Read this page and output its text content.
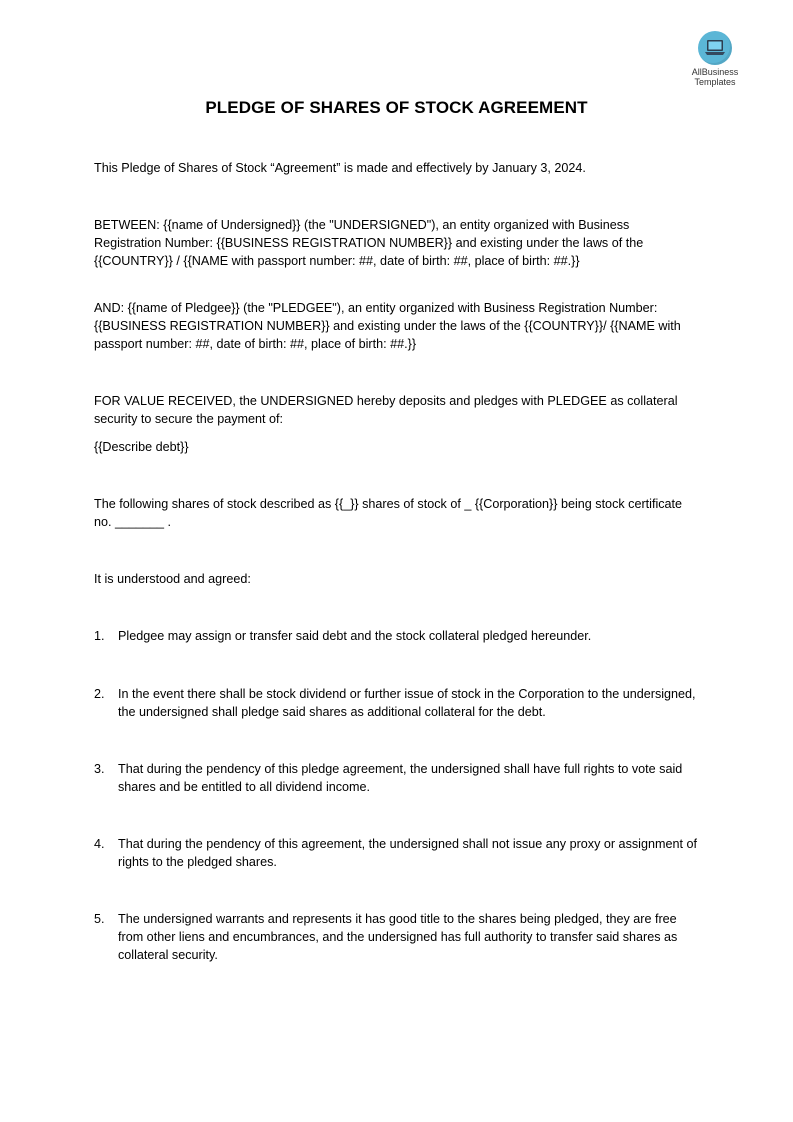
AllBusiness
Templates
PLEDGE OF SHARES OF STOCK AGREEMENT

This Pledge of Shares of Stock “Agreement” is made and effectively by January 3, 2024.

BETWEEN: {{name of Undersigned}} (the "UNDERSIGNED"), an entity organized with Business Registration Number: {{BUSINESS REGISTRATION NUMBER}} and existing under the laws of the {{COUNTRY}} / {{NAME with passport number: ##, date of birth: ##, place of birth: ##.}}

AND: {{name of Pledgee}} (the "PLEDGEE"), an entity organized with Business Registration Number: {{BUSINESS REGISTRATION NUMBER}} and existing under the laws of the {{COUNTRY}}/ {{NAME with passport number: ##, date of birth: ##, place of birth: ##.}}

FOR VALUE RECEIVED, the UNDERSIGNED hereby deposits and pledges with PLEDGEE as collateral security to secure the payment of:

{{Describe debt}}

The following shares of stock described as {{_}} shares of stock of _ {{Corporation}} being stock certificate no. _______ .

It is understood and agreed:

1. Pledgee may assign or transfer said debt and the stock collateral pledged hereunder.
2. In the event there shall be stock dividend or further issue of stock in the Corporation to the undersigned, the undersigned shall pledge said shares as additional collateral for the debt.
3. That during the pendency of this pledge agreement, the undersigned shall have full rights to vote said shares and be entitled to all dividend income.
4. That during the pendency of this agreement, the undersigned shall not issue any proxy or assignment of rights to the pledged shares.
5. The undersigned warrants and represents it has good title to the shares being pledged, they are free from other liens and encumbrances, and the undersigned has full authority to transfer said shares as collateral security.
